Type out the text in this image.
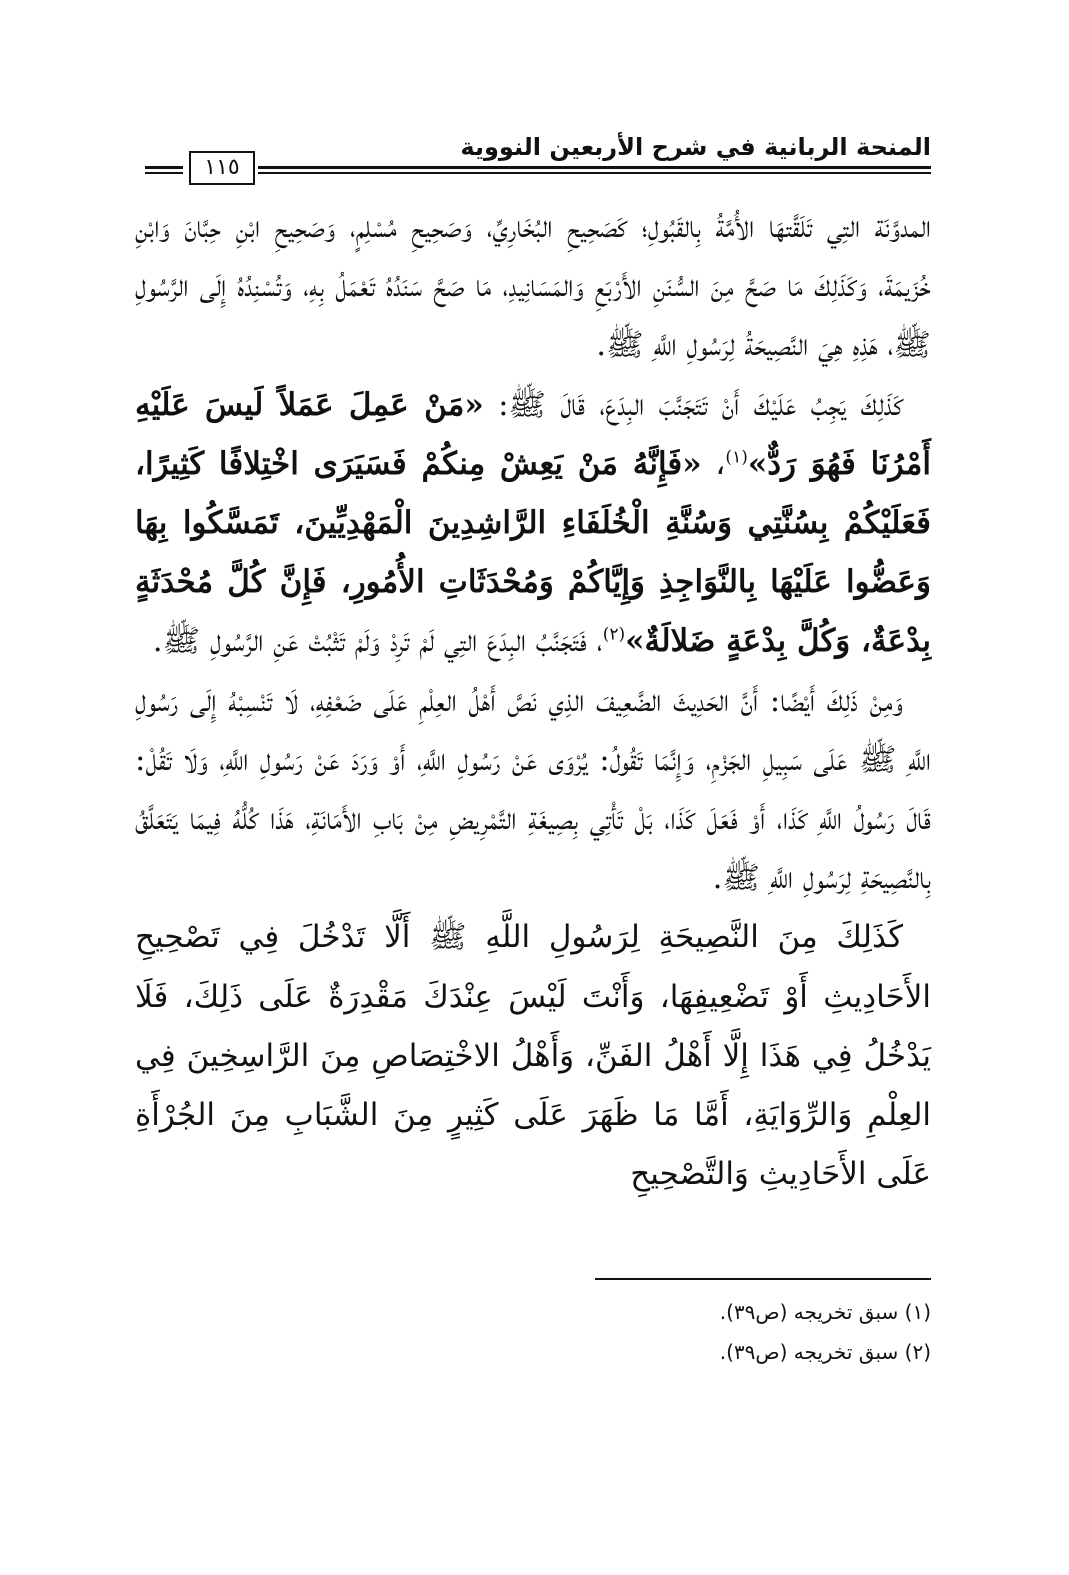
المنحة الربانية في شرح الأربعين النووية
١١٥

المدوَّنَة التِي تَلَقَّتهَا الأُمَّةُ بِالقَبُولِ؛ كَصَحِيحِ البُخَارِيِّ، وَصَحِيحِ مُسْلِمٍ، وَصَحِيحِ ابْنِ حِبَّانَ وَابْنِ خُزَيمَةَ، وَكَذَلِكَ مَا صَحَّ مِنَ السُّنَنِ الأَرْبَعِ وَالمَسَانِيدِ، مَا صَحَّ سَنَدُهُ تَعْمَلُ بِهِ، وَتُسْنِدُهُ إِلَى الرَّسُولِ ﷺ، هَذِهِ هِيَ النَّصِيحَةُ لِرَسُولِ اللَّهِ ﷺ.

كَذَلِكَ يَجِبُ عَلَيْكَ أَنْ تَتَجَنَّبَ البِدَعَ، قَالَ ﷺ: «مَنْ عَمِلَ عَمَلاً لَيسَ عَلَيْهِ أَمْرُنَا فَهُوَ رَدٌّ»$^{(١)}$، «فَإِنَّهُ مَنْ يَعِشْ مِنكُمْ فَسَيَرَى اخْتِلافًا كَثِيرًا، فَعَلَيْكُمْ بِسُنَّتِي وَسُنَّةِ الْخُلَفَاءِ الرَّاشِدِينَ الْمَهْدِيِّينَ، تَمَسَّكُوا بِهَا وَعَضُّوا عَلَيْهَا بِالنَّوَاجِذِ وَإِيَّاكُمْ وَمُحْدَثَاتِ الأُمُورِ، فَإِنَّ كُلَّ مُحْدَثَةٍ بِدْعَةٌ، وَكُلَّ بِدْعَةٍ ضَلالَةٌ»$^{(٢)}$، فَتَجَنَّبُ البِدَعَ التِي لَمْ تَرِدْ وَلَمْ تَثْبُتْ عَنِ الرَّسُولِ ﷺ.

وَمِنْ ذَلِكَ أَيْضًا: أَنَّ الحَدِيثَ الضَّعِيفَ الذِي نَصَّ أَهْلُ العِلْمِ عَلَى ضَعْفِهِ، لَا تَنْسِبْهُ إِلَى رَسُولِ اللَّهِ ﷺ عَلَى سَبِيلِ الجَزْمِ، وَإِنَّمَا تَقُولُ: يُرْوَى عَنْ رَسُولِ اللَّهِ، أَوْ وَرَدَ عَنْ رَسُولِ اللَّهِ، وَلَا تَقُلْ: قَالَ رَسُولُ اللَّهِ كَذَا، أَوْ فَعَلَ كَذَا، بَلْ تَأْتِي بِصِيغَةِ التَّمْرِيضِ مِنْ بَابِ الأَمَانَةِ، هَذَا كُلُّهُ فِيمَا يَتَعَلَّقُ بِالنَّصِيحَةِ لِرَسُولِ اللَّهِ ﷺ.

كَذَلِكَ مِنَ النَّصِيحَةِ لِرَسُولِ اللَّهِ ﷺ أَلَّا تَدْخُلَ فِي تَصْحِيحِ الأَحَادِيثِ أَوْ تَضْعِيفِهَا، وَأَنْتَ لَيْسَ عِنْدَكَ مَقْدِرَةٌ عَلَى ذَلِكَ، فَلَا يَدْخُلُ فِي هَذَا إِلَّا أَهْلُ الفَنِّ، وَأَهْلُ الاخْتِصَاصِ مِنَ الرَّاسِخِينَ فِي العِلْمِ وَالرِّوَايَةِ، أَمَّا مَا ظَهَرَ عَلَى كَثِيرٍ مِنَ الشَّبَابِ مِنَ الجُرْأَةِ عَلَى الأَحَادِيثِ وَالتَّصْحِيحِ

(١) سبق تخريجه (ص٣٩).

(٢) سبق تخريجه (ص٣٩).
